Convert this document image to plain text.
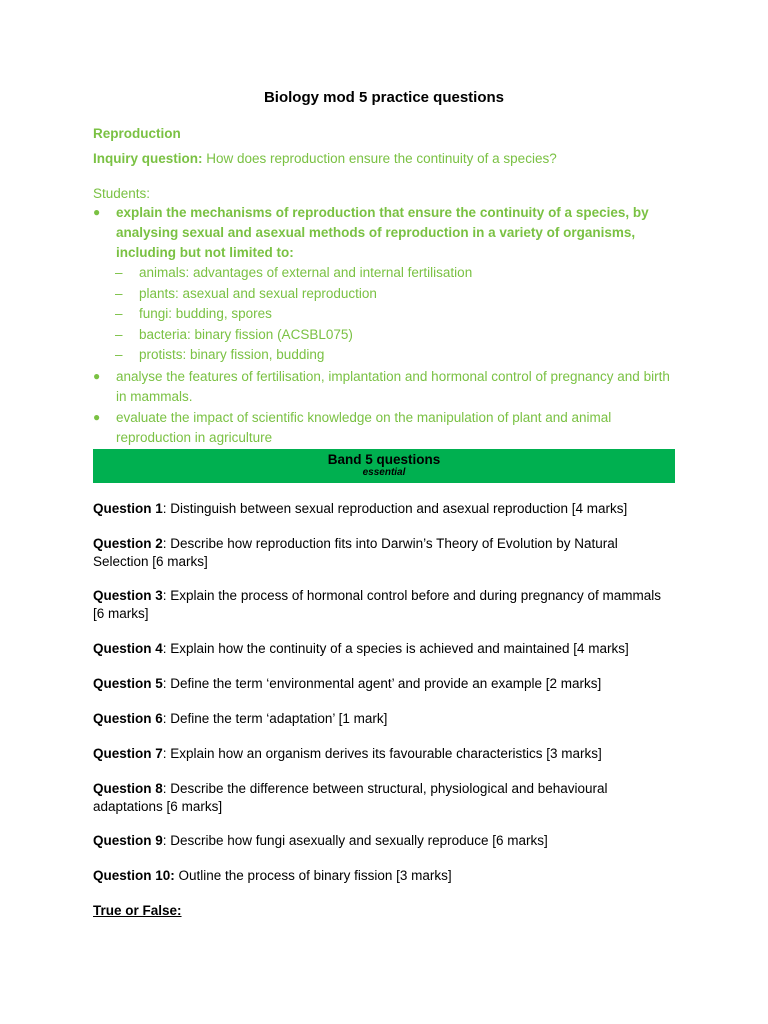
Biology mod 5 practice questions
Reproduction
Inquiry question: How does reproduction ensure the continuity of a species?
Students:
● explain the mechanisms of reproduction that ensure the continuity of a species, by analysing sexual and asexual methods of reproduction in a variety of organisms, including but not limited to:
– animals: advantages of external and internal fertilisation
– plants: asexual and sexual reproduction
– fungi: budding, spores
– bacteria: binary fission (ACSBL075)
– protists: binary fission, budding
● analyse the features of fertilisation, implantation and hormonal control of pregnancy and birth in mammals.
● evaluate the impact of scientific knowledge on the manipulation of plant and animal reproduction in agriculture
Band 5 questions
essential
Question 1: Distinguish between sexual reproduction and asexual reproduction [4 marks]
Question 2: Describe how reproduction fits into Darwin’s Theory of Evolution by Natural Selection [6 marks]
Question 3: Explain the process of hormonal control before and during pregnancy of mammals [6 marks]
Question 4: Explain how the continuity of a species is achieved and maintained [4 marks]
Question 5: Define the term ‘environmental agent’ and provide an example [2 marks]
Question 6: Define the term ‘adaptation’ [1 mark]
Question 7: Explain how an organism derives its favourable characteristics [3 marks]
Question 8: Describe the difference between structural, physiological and behavioural adaptations [6 marks]
Question 9: Describe how fungi asexually and sexually reproduce [6 marks]
Question 10: Outline the process of binary fission [3 marks]
True or False:
